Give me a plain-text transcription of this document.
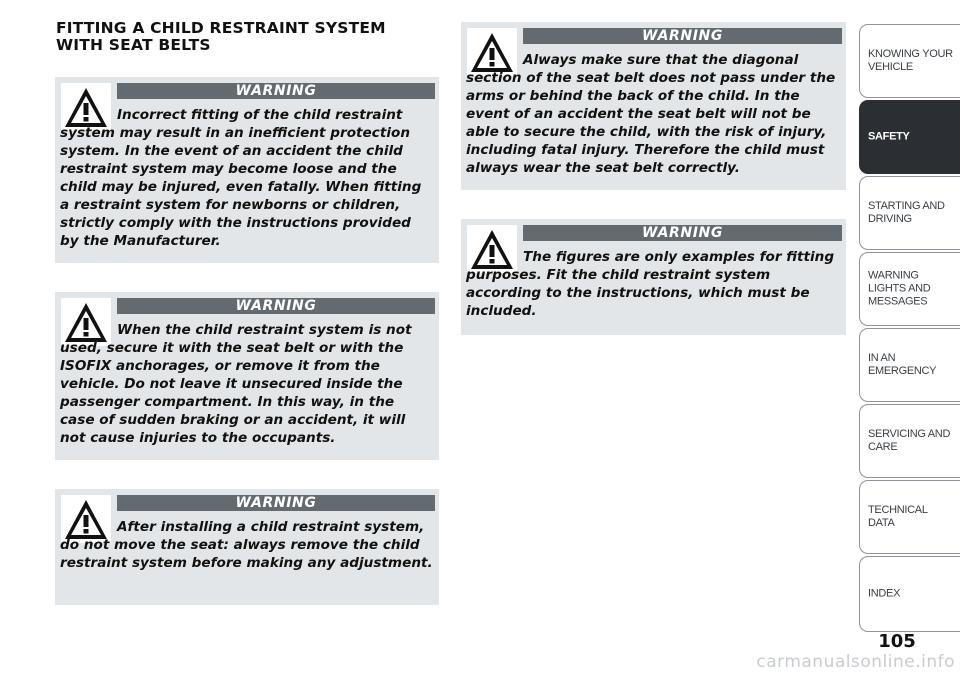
FITTING A CHILD RESTRAINT SYSTEM WITH SEAT BELTS
WARNING

Incorrect fitting of the child restraint system may result in an inefficient protection system. In the event of an accident the child restraint system may become loose and the child may be injured, even fatally. When fitting a restraint system for newborns or children, strictly comply with the instructions provided by the Manufacturer.

WARNING

When the child restraint system is not used, secure it with the seat belt or with the ISOFIX anchorages, or remove it from the vehicle. Do not leave it unsecured inside the passenger compartment. In this way, in the case of sudden braking or an accident, it will not cause injuries to the occupants.

WARNING

After installing a child restraint system, do not move the seat: always remove the child restraint system before making any adjustment.

WARNING

Always make sure that the diagonal section of the seat belt does not pass under the arms or behind the back of the child. In the event of an accident the seat belt will not be able to secure the child, with the risk of injury, including fatal injury. Therefore the child must always wear the seat belt correctly.

WARNING

The figures are only examples for fitting purposes. Fit the child restraint system according to the instructions, which must be included.

KNOWING YOUR VEHICLE
SAFETY
STARTING AND DRIVING
WARNING LIGHTS AND MESSAGES
IN AN EMERGENCY
SERVICING AND CARE
TECHNICAL DATA
INDEX
105
carmanualsonline.info
